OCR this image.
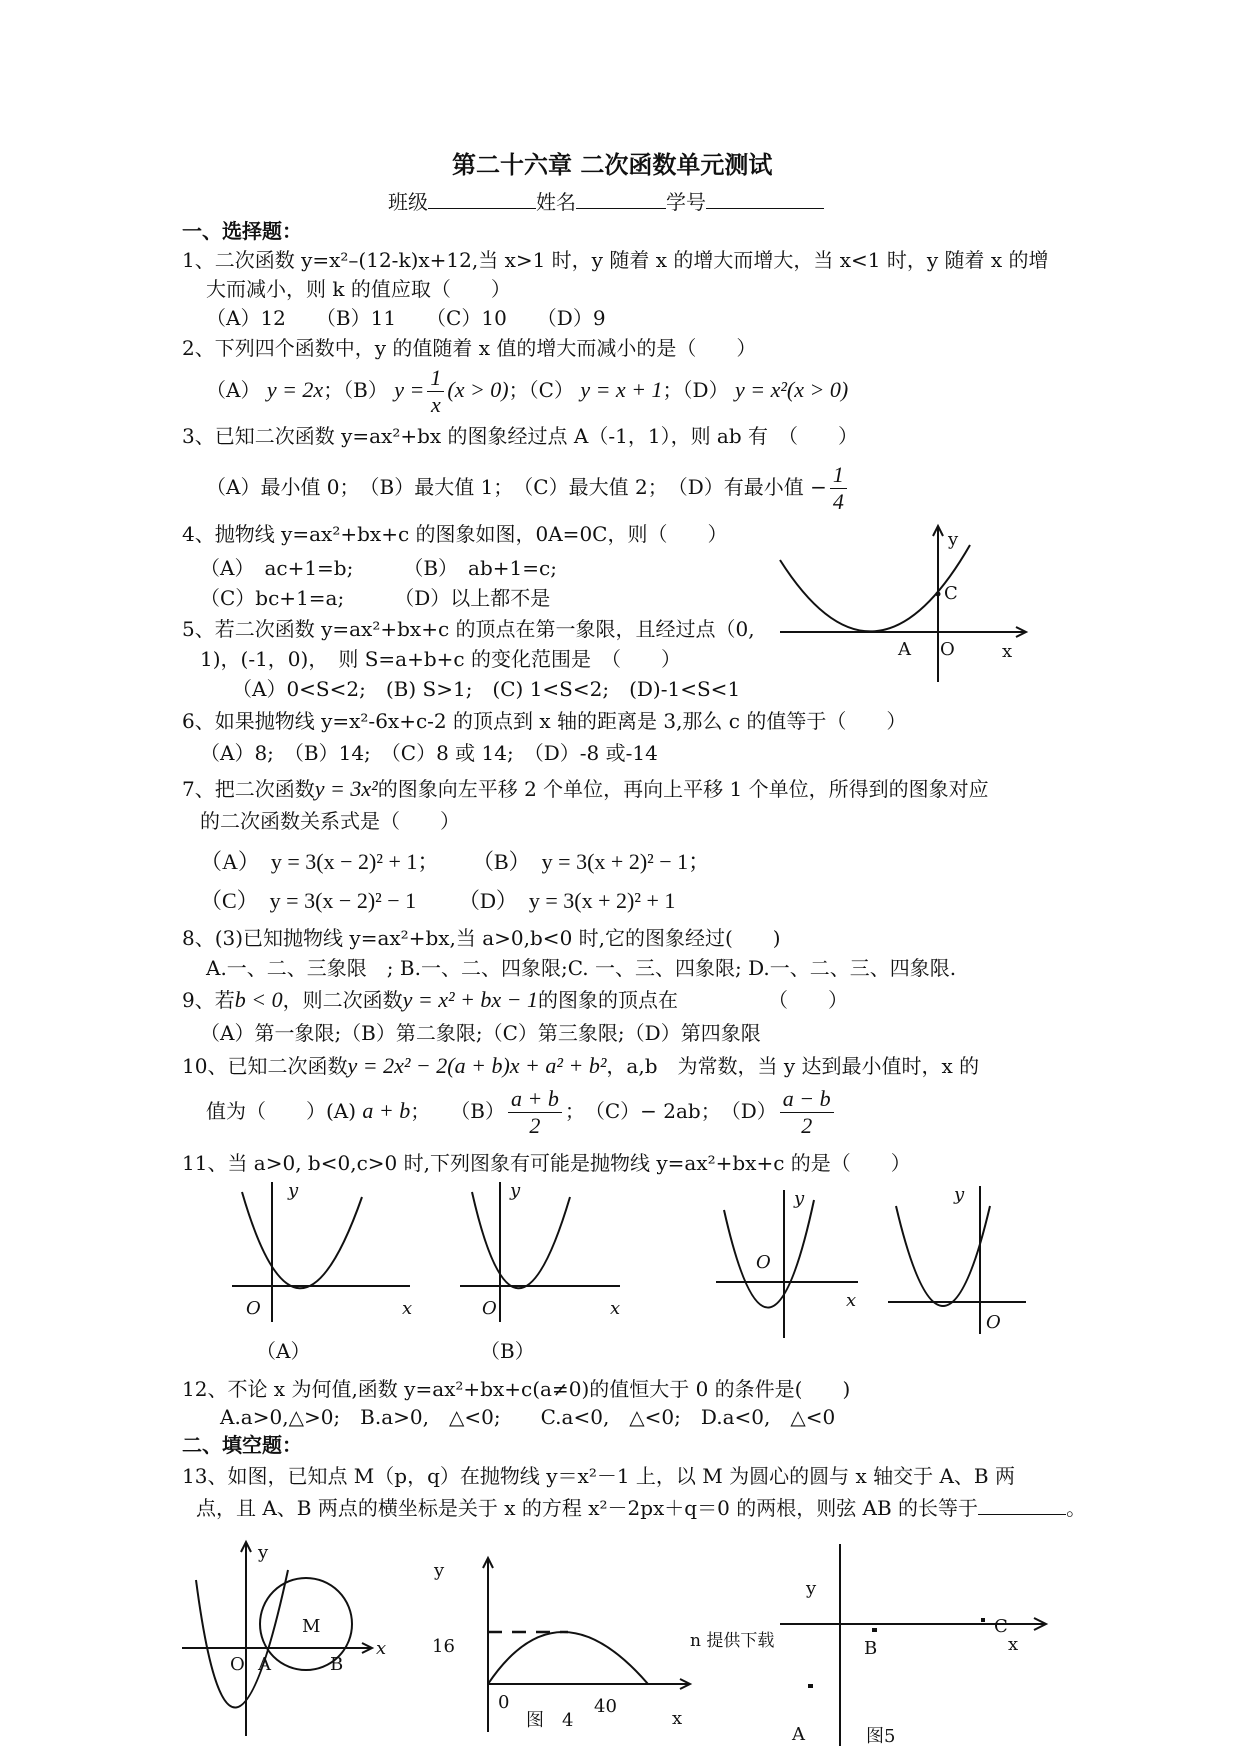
第二十六章 二次函数单元测试
班级	姓名	学号
一、选择题：
1、二次函数 y=x²–(12-k)x+12,当 x>1 时，y 随着 x 的增大而增大，当 x<1 时，y 随着 x 的增
大而减小，则 k 的值应取（　　）
（A）12　　（B）11　　（C）10　　（D）9
2、下列四个函数中，y 的值随着 x 值的增大而减小的是（　　）
（A） y = 2x；（B） $y = \frac{1}{x} (x > 0)$；（C） y = x + 1；（D） y = x²(x > 0)
3、已知二次函数 y=ax²+bx 的图象经过点 A（-1，1），则 ab 有　（　　）
（A）最小值 0；　（B）最大值 1；　（C）最大值 2；　（D）有最小值 − $\frac{1}{4}$
4、抛物线 y=ax²+bx+c 的图象如图，0A=0C，则（　　）
（A）　ac+1=b;　　　（B）　ab+1=c;
（C）bc+1=a;　　　（D）以上都不是
y
C
A O	x
5、若二次函数 y=ax²+bx+c 的顶点在第一象限，且经过点（0,
1)，(-1，0)，　则 S=a+b+c 的变化范围是　（　　）
（A）0<S<2;　(B) S>1;　(C) 1<S<2;　(D)-1<S<1
6、如果抛物线 y=x²-6x+c-2 的顶点到 x 轴的距离是 3,那么 c 的值等于（　　）
（A）8;　（B）14;　（C）8 或 14;　（D）-8 或-14
7、把二次函数y = 3x²的图象向左平移 2 个单位，再向上平移 1 个单位，所得到的图象对应
的二次函数关系式是（　　）
（A）　y = 3(x − 2)² + 1； （B）　y = 3(x + 2)² − 1；
（C）　y = 3(x − 2)² − 1 （D）　y = 3(x + 2)² + 1
8、(3)已知抛物线 y=ax²+bx,当 a>0,b<0 时,它的图象经过(　　)
A.一、二、三象限　; B.一、二、四象限;C. 一、三、四象限; D.一、二、三、四象限.
9、若b < 0，则二次函数y = x² + bx − 1的图象的顶点在　　　　　（　　）
（A）第一象限;（B）第二象限;（C）第三象限;（D）第四象限
10、已知二次函数y = 2x² − 2(a + b)x + a² + b²，a,b　为常数，当 y 达到最小值时，x 的
值为（　　）(A) a + b；　　$(B) \frac{a + b}{2}$ ；　（C）− 2ab；　 $(D) \frac{a - b}{2}$
11、当 a>0, b<0,c>0 时,下列图象有可能是抛物线 y=ax²+bx+c 的是（　　）
y
O	x
（A）
y
O	x
（B）
y
O
x
y
O
12、不论 x 为何值,函数 y=ax²+bx+c(a≠0)的值恒大于 0 的条件是(　　)
A.a>0,△>0;　B.a>0,　△<0;　　C.a<0,　△<0;　D.a<0,　△<0
二、填空题：
13、如图，已知点 M（p，q）在抛物线 y＝x²－1 上，以 M 为圆心的圆与 x 轴交于 A、B 两
点，且 A、B 两点的横坐标是关于 x 的方程 x²－2px＋q＝0 的两根，则弦 AB 的长等于	。
y
x
O A	B
M
y
16
0	40
x
图　4
n 提供下载
y
x
B
C
A	图5
